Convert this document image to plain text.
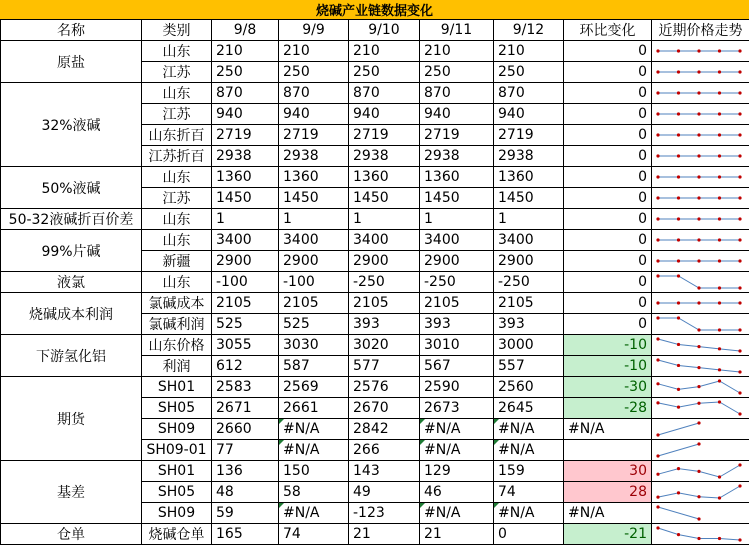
烧碱产业链数据变化
名称	类别	9/8	9/9	9/10	9/11	9/12	环比变化	近期价格走势
原盐	山东	210	210	210	210	210	0	

	江苏	250	250	250	250	250	0	

32%液碱	山东	870	870	870	870	870	0	

	江苏	940	940	940	940	940	0	

	山东折百	2719	2719	2719	2719	2719	0	

	江苏折百	2938	2938	2938	2938	2938	0	

50%液碱	山东	1360	1360	1360	1360	1360	0	

	江苏	1450	1450	1450	1450	1450	0	

50-32液碱折百价差	山东	1	1	1	1	1	0	

99%片碱	山东	3400	3400	3400	3400	3400	0	

	新疆	2900	2900	2900	2900	2900	0	

液氯	山东	-100	-100	-250	-250	-250	0	

烧碱成本利润	氯碱成本	2105	2105	2105	2105	2105	0	

	氯碱利润	525	525	393	393	393	0	

下游氢化铝	山东价格	3055	3030	3020	3010	3000	-10	

	利润	612	587	577	567	557	-10	

期货	SH01	2583	2569	2576	2590	2560	-30	

	SH05	2671	2661	2670	2673	2645	-28	

	SH09	2660	#N/A	2842	#N/A	#N/A	#N/A	

	SH09-01	77	#N/A	266	#N/A	#N/A		

基差	SH01	136	150	143	129	159	30	

	SH05	48	58	49	46	74	28	

	SH09	59	#N/A	-123	#N/A	#N/A	#N/A	

仓单	烧碱仓单	165	74	21	21	0	-21	
